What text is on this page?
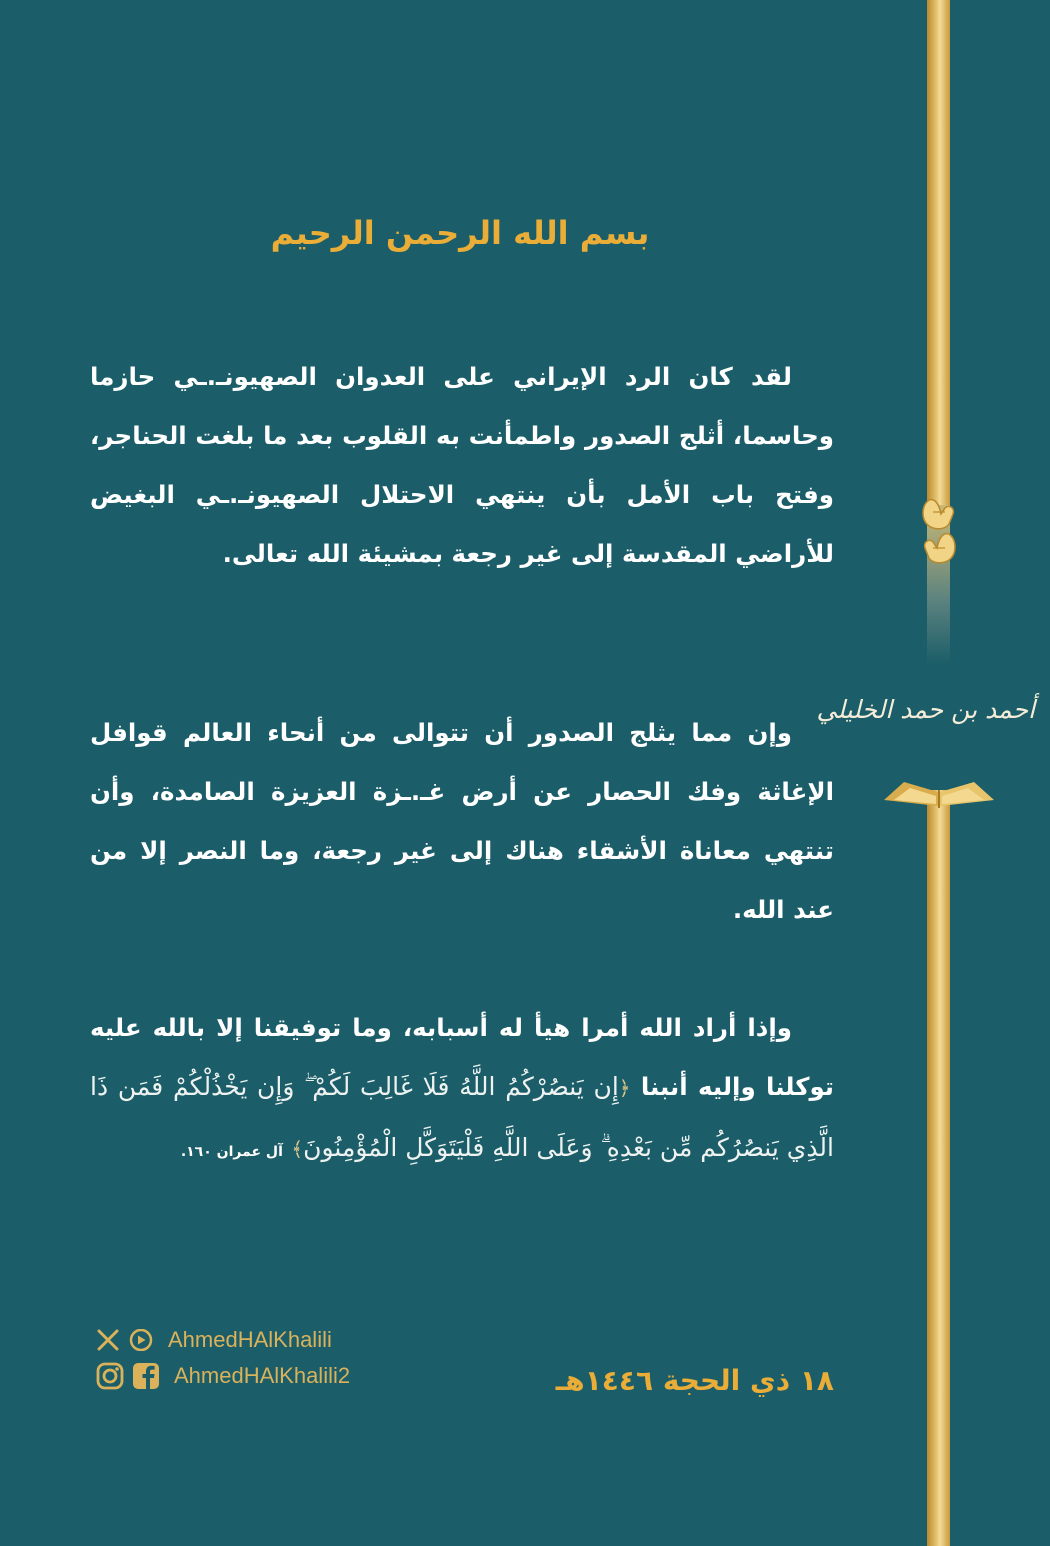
أحمد بن حمد الخليلي
بسم الله الرحمن الرحيم
لقد كان الرد الإيراني على العدوان الصهيونـ.ـي حازما وحاسما، أثلج الصدور واطمأنت به القلوب بعد ما بلغت الحناجر، وفتح باب الأمل بأن ينتهي الاحتلال الصهيونـ.ـي البغيض للأراضي المقدسة إلى غير رجعة بمشيئة الله تعالى.
وإن مما يثلج الصدور أن تتوالى من أنحاء العالم قوافل الإغاثة وفك الحصار عن أرض غـ.ـزة العزيزة الصامدة، وأن تنتهي معاناة الأشقاء هناك إلى غير رجعة، وما النصر إلا من عند الله.
وإذا أراد الله أمرا هيأ له أسبابه، وما توفيقنا إلا بالله عليه توكلنا وإليه أنبنا ﴿إِن يَنصُرْكُمُ اللَّهُ فَلَا غَالِبَ لَكُمْ ۖ وَإِن يَخْذُلْكُمْ فَمَن ذَا الَّذِي يَنصُرُكُم مِّن بَعْدِهِ ۗ وَعَلَى اللَّهِ فَلْيَتَوَكَّلِ الْمُؤْمِنُونَ﴾ آل عمران ١٦٠.
AhmedHAlKhalili
AhmedHAlKhalili2	١٨ ذي الحجة ١٤٤٦هـ
